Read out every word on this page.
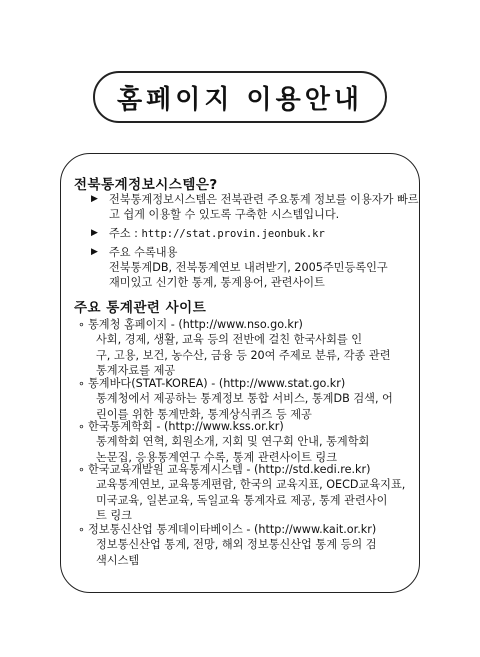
홈페이지 이용안내
전북통계정보시스템은?
▶ 전북통계정보시스템은 전북관련 주요통계 정보를 이용자가 빠르
고 쉽게 이용할 수 있도록 구축한 시스템입니다.
▶ 주소 : http://stat.provin.jeonbuk.kr
▶ 주요 수록내용
전북통계DB, 전북통계연보 내려받기, 2005주민등록인구
재미있고 신기한 통계, 통계용어, 관련사이트
주요 통계관련 사이트
∘ 통계청 홈페이지 - (http://www.nso.go.kr)
사회, 경제, 생활, 교육 등의 전반에 걸친 한국사회를 인
구, 고용, 보건, 농수산, 금융 등 20여 주제로 분류, 각종 관련
통계자료를 제공
∘ 통계바다(STAT-KOREA) - (http://www.stat.go.kr)
통계청에서 제공하는 통계정보 통합 서비스, 통계DB 검색, 어
린이를 위한 통계만화, 통계상식퀴즈 등 제공
∘ 한국통계학회 - (http://www.kss.or.kr)
통계학회 연혁, 회원소개, 지회 및 연구회 안내, 통계학회
논문집, 응용통계연구 수록, 통계 관련사이트 링크
∘ 한국교육개발원 교육통계시스템 - (http://std.kedi.re.kr)
교육통계연보, 교육통계편람, 한국의 교육지표, OECD교육지표,
미국교육, 일본교육, 독일교육 통계자료 제공, 통계 관련사이
트 링크
∘ 정보통신산업 통계데이타베이스 - (http://www.kait.or.kr)
정보통신산업 통계, 전망, 해외 정보통신산업 통계 등의 검
색시스템
